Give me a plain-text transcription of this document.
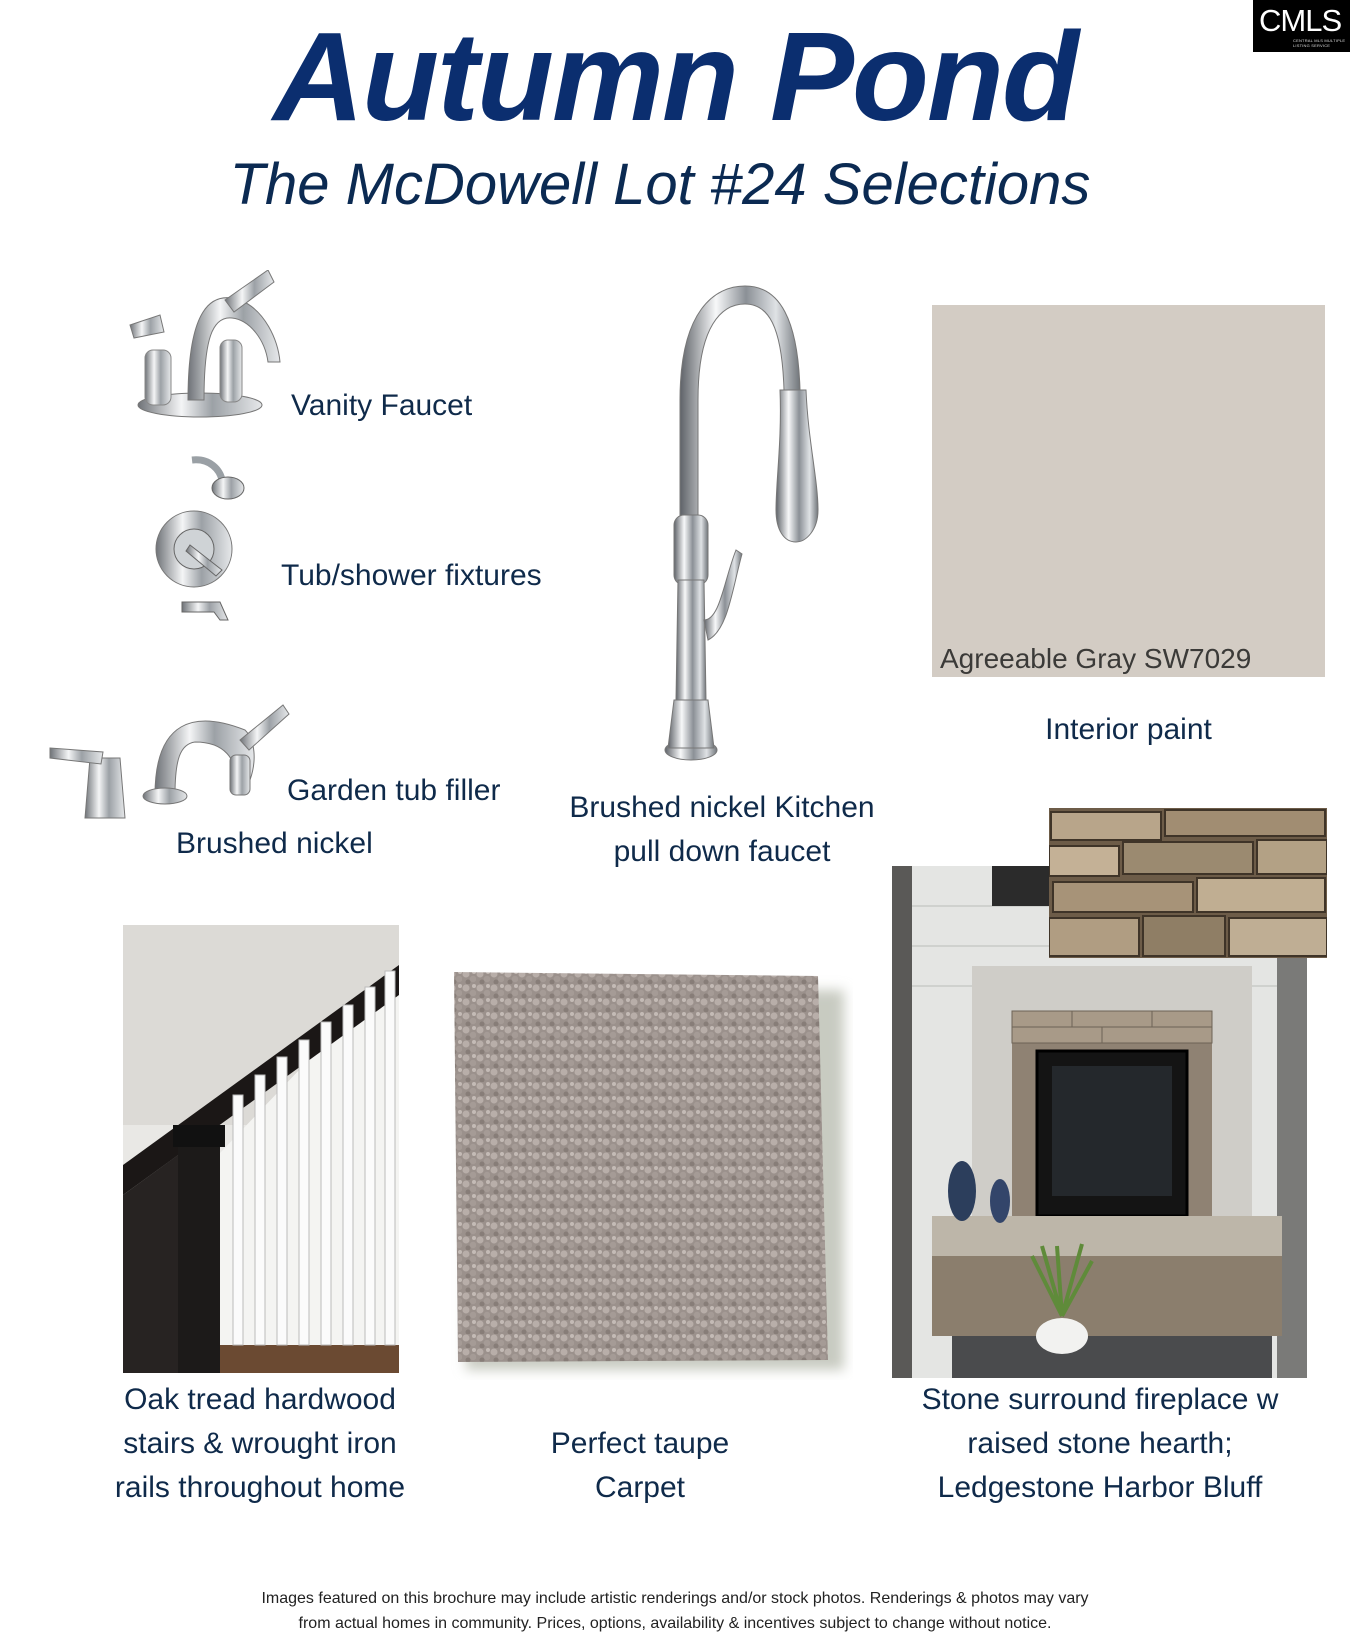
CMLS
CENTRAL MLS MULTIPLE LISTING SERVICE
Autumn Pond
The McDowell Lot #24 Selections
Vanity Faucet
Tub/shower fixtures
Garden tub filler
Brushed nickel
Brushed nickel Kitchen
pull down faucet
Agreeable Gray SW7029
Interior paint
Oak tread hardwood
stairs & wrought iron
rails throughout home
Perfect taupe
Carpet
Stone surround fireplace w
raised stone hearth;
Ledgestone Harbor Bluff
Images featured on this brochure may include artistic renderings and/or stock photos. Renderings & photos may vary
from actual homes in community. Prices, options, availability & incentives subject to change without notice.
